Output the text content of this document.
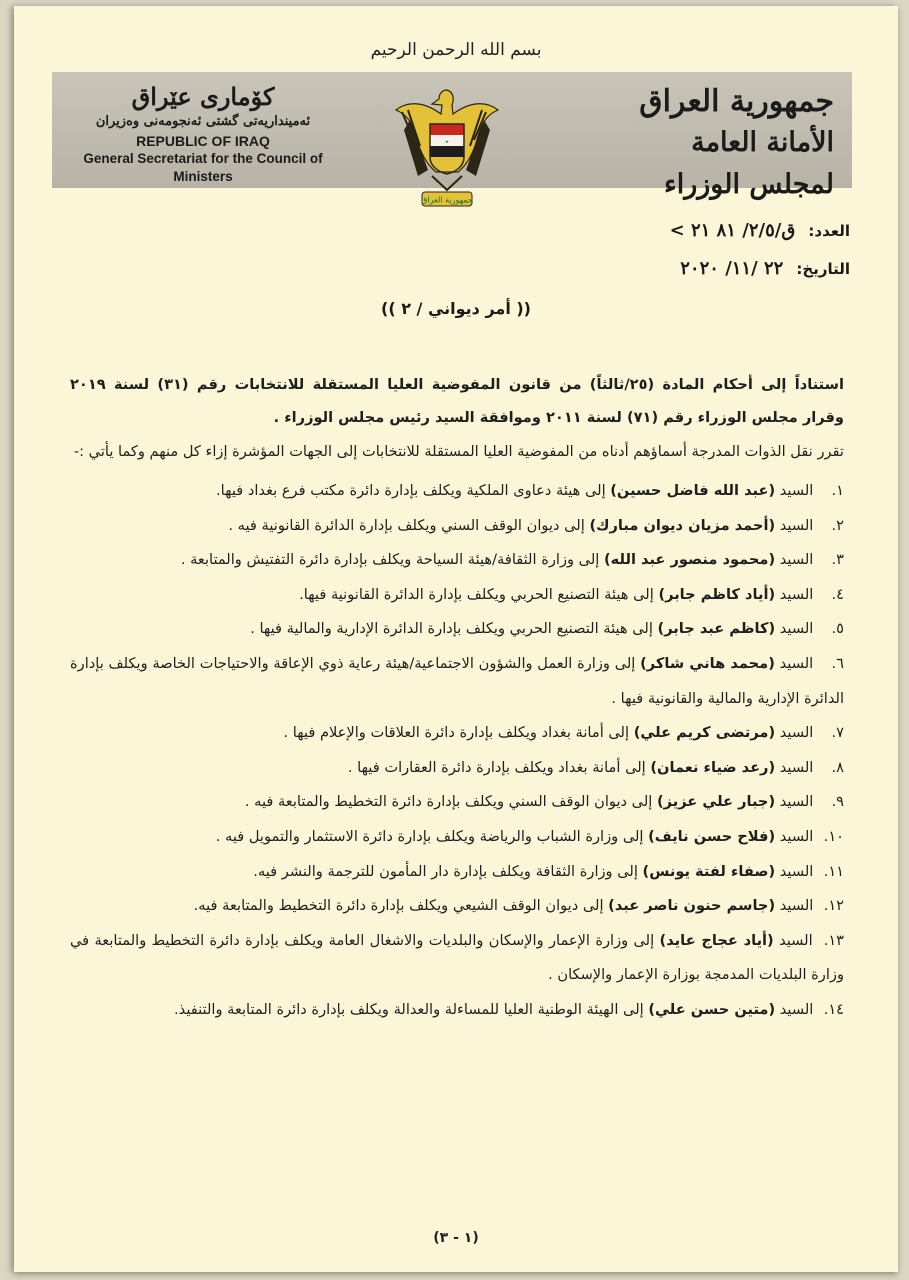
بسم الله الرحمن الرحيم
كۆماری عێراق
ئەمینداریەتی گشتی ئەنجومەنی وەزیران
REPUBLIC OF IRAQ
General Secretariat for the Council of Ministers
✦
جمهورية العراق
جمهورية العراق
الأمانة العامة لمجلس الوزراء
العدد: ق/٢/٥/ ٨١ ٢١ >
التاريخ: ٢٢ /١١/ ٢٠٢٠
(( أمر ديواني / ٢ ))
استناداً إلى أحكام المادة (٢٥/ثالثاً) من قانون المفوضية العليا المستقلة للانتخابات رقم (٣١) لسنة ٢٠١٩ وقرار مجلس الوزراء رقم (٧١) لسنة ٢٠١١ وموافقة السيد رئيس مجلس الوزراء .
تقرر نقل الذوات المدرجة أسماؤهم أدناه من المفوضية العليا المستقلة للانتخابات إلى الجهات المؤشرة إزاء كل منهم وكما يأتي :-
١. السيد (عبد الله فاضل حسين) إلى هيئة دعاوى الملكية ويكلف بإدارة دائرة مكتب فرع بغداد فيها.
٢. السيد (أحمد مزيان ديوان مبارك) إلى ديوان الوقف السني ويكلف بإدارة الدائرة القانونية فيه .
٣. السيد (محمود منصور عبد الله) إلى وزارة الثقافة/هيئة السياحة ويكلف بإدارة دائرة التفتيش والمتابعة .
٤. السيد (أياد كاظم جابر) إلى هيئة التصنيع الحربي ويكلف بإدارة الدائرة القانونية فيها.
٥. السيد (كاظم عبد جابر) إلى هيئة التصنيع الحربي ويكلف بإدارة الدائرة الإدارية والمالية فيها .
٦. السيد (محمد هاني شاكر) إلى وزارة العمل والشؤون الاجتماعية/هيئة رعاية ذوي الإعاقة والاحتياجات الخاصة ويكلف بإدارة الدائرة الإدارية والمالية والقانونية فيها .
٧. السيد (مرتضى كريم علي) إلى أمانة بغداد ويكلف بإدارة دائرة العلاقات والإعلام فيها .
٨. السيد (رعد ضياء نعمان) إلى أمانة بغداد ويكلف بإدارة دائرة العقارات فيها .
٩. السيد (جبار علي عزيز) إلى ديوان الوقف السني ويكلف بإدارة دائرة التخطيط والمتابعة فيه .
١٠. السيد (فلاح حسن نايف) إلى وزارة الشباب والرياضة ويكلف بإدارة دائرة الاستثمار والتمويل فيه .
١١. السيد (صفاء لفتة يونس) إلى وزارة الثقافة ويكلف بإدارة دار المأمون للترجمة والنشر فيه.
١٢. السيد (جاسم حنون ناصر عبد) إلى ديوان الوقف الشيعي ويكلف بإدارة دائرة التخطيط والمتابعة فيه.
١٣. السيد (أياد عجاج عايد) إلى وزارة الإعمار والإسكان والبلديات والاشغال العامة ويكلف بإدارة دائرة التخطيط والمتابعة في وزارة البلديات المدمجة بوزارة الإعمار والإسكان .
١٤. السيد (متين حسن علي) إلى الهيئة الوطنية العليا للمساءلة والعدالة ويكلف بإدارة دائرة المتابعة والتنفيذ.
(١ - ٣)
